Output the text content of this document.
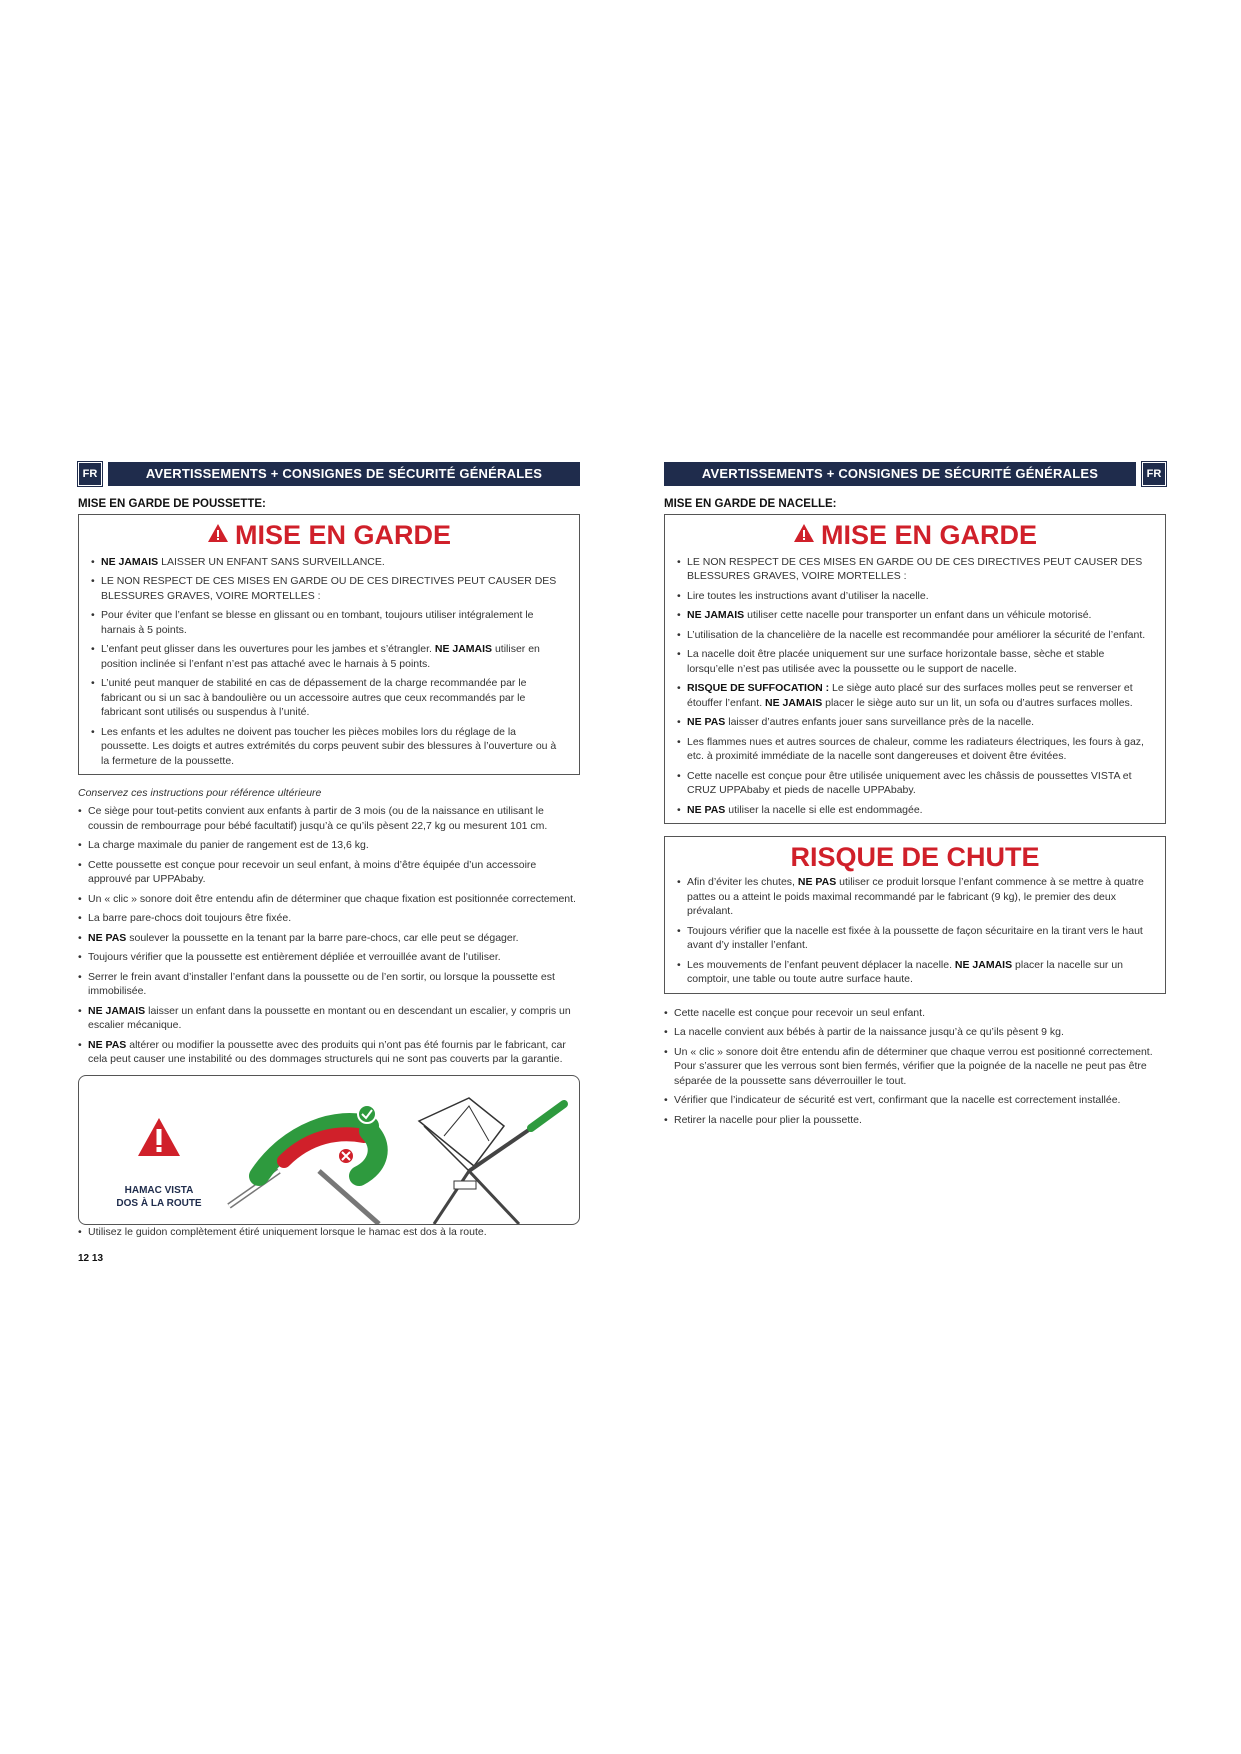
FR	AVERTISSEMENTS + CONSIGNES DE SÉCURITÉ GÉNÉRALES
MISE EN GARDE DE POUSSETTE:
MISE EN GARDE
• NE JAMAIS LAISSER UN ENFANT SANS SURVEILLANCE.
• LE NON RESPECT DE CES MISES EN GARDE OU DE CES DIRECTIVES PEUT CAUSER DES BLESSURES GRAVES, VOIRE MORTELLES :
• Pour éviter que l’enfant se blesse en glissant ou en tombant, toujours utiliser intégralement le harnais à 5 points.
• L’enfant peut glisser dans les ouvertures pour les jambes et s’étrangler. NE JAMAIS utiliser en position inclinée si l’enfant n’est pas attaché avec le harnais à 5 points.
• L’unité peut manquer de stabilité en cas de dépassement de la charge recommandée par le fabricant ou si un sac à bandoulière ou un accessoire autres que ceux recommandés par le fabricant sont utilisés ou suspendus à l’unité.
• Les enfants et les adultes ne doivent pas toucher les pièces mobiles lors du réglage de la poussette. Les doigts et autres extrémités du corps peuvent subir des blessures à l’ouverture ou à la fermeture de la poussette.
Conservez ces instructions pour référence ultérieure
• Ce siège pour tout-petits convient aux enfants à partir de 3 mois (ou de la naissance en utilisant le coussin de rembourrage pour bébé facultatif) jusqu’à ce qu’ils pèsent 22,7 kg ou mesurent 101 cm.
• La charge maximale du panier de rangement est de 13,6 kg.
• Cette poussette est conçue pour recevoir un seul enfant, à moins d’être équipée d’un accessoire approuvé par UPPAbaby.
• Un « clic » sonore doit être entendu afin de déterminer que chaque fixation est positionnée correctement.
• La barre pare-chocs doit toujours être fixée.
• NE PAS soulever la poussette en la tenant par la barre pare-chocs, car elle peut se dégager.
• Toujours vérifier que la poussette est entièrement dépliée et verrouillée avant de l’utiliser.
• Serrer le frein avant d’installer l’enfant dans la poussette ou de l’en sortir, ou lorsque la poussette est immobilisée.
• NE JAMAIS laisser un enfant dans la poussette en montant ou en descendant un escalier, y compris un escalier mécanique.
• NE PAS altérer ou modifier la poussette avec des produits qui n’ont pas été fournis par le fabricant, car cela peut causer une instabilité ou des dommages structurels qui ne sont pas couverts par la garantie.
HAMAC VISTA
DOS À LA ROUTE
• Utilisez le guidon complètement étiré uniquement lorsque le hamac est dos à la route.
12 13
AVERTISSEMENTS + CONSIGNES DE SÉCURITÉ GÉNÉRALES	FR
MISE EN GARDE DE NACELLE:
MISE EN GARDE
• LE NON RESPECT DE CES MISES EN GARDE OU DE CES DIRECTIVES PEUT CAUSER DES BLESSURES GRAVES, VOIRE MORTELLES :
• Lire toutes les instructions avant d’utiliser la nacelle.
• NE JAMAIS utiliser cette nacelle pour transporter un enfant dans un véhicule motorisé.
• L’utilisation de la chancelière de la nacelle est recommandée pour améliorer la sécurité de l’enfant.
• La nacelle doit être placée uniquement sur une surface horizontale basse, sèche et stable lorsqu’elle n’est pas utilisée avec la poussette ou le support de nacelle.
• RISQUE DE SUFFOCATION : Le siège auto placé sur des surfaces molles peut se renverser et étouffer l’enfant. NE JAMAIS placer le siège auto sur un lit, un sofa ou d’autres surfaces molles.
• NE PAS laisser d’autres enfants jouer sans surveillance près de la nacelle.
• Les flammes nues et autres sources de chaleur, comme les radiateurs électriques, les fours à gaz, etc. à proximité immédiate de la nacelle sont dangereuses et doivent être évitées.
• Cette nacelle est conçue pour être utilisée uniquement avec les châssis de poussettes VISTA et CRUZ UPPAbaby et pieds de nacelle UPPAbaby.
• NE PAS utiliser la nacelle si elle est endommagée.
RISQUE DE CHUTE
• Afin d’éviter les chutes, NE PAS utiliser ce produit lorsque l’enfant commence à se mettre à quatre pattes ou a atteint le poids maximal recommandé par le fabricant (9 kg), le premier des deux prévalant.
• Toujours vérifier que la nacelle est fixée à la poussette de façon sécuritaire en la tirant vers le haut avant d’y installer l’enfant.
• Les mouvements de l’enfant peuvent déplacer la nacelle. NE JAMAIS placer la nacelle sur un comptoir, une table ou toute autre surface haute.
• Cette nacelle est conçue pour recevoir un seul enfant.
• La nacelle convient aux bébés à partir de la naissance jusqu’à ce qu’ils pèsent 9 kg.
• Un « clic » sonore doit être entendu afin de déterminer que chaque verrou est positionné correctement. Pour s’assurer que les verrous sont bien fermés, vérifier que la poignée de la nacelle ne peut pas être séparée de la poussette sans déverrouiller le tout.
• Vérifier que l’indicateur de sécurité est vert, confirmant que la nacelle est correctement installée.
• Retirer la nacelle pour plier la poussette.
